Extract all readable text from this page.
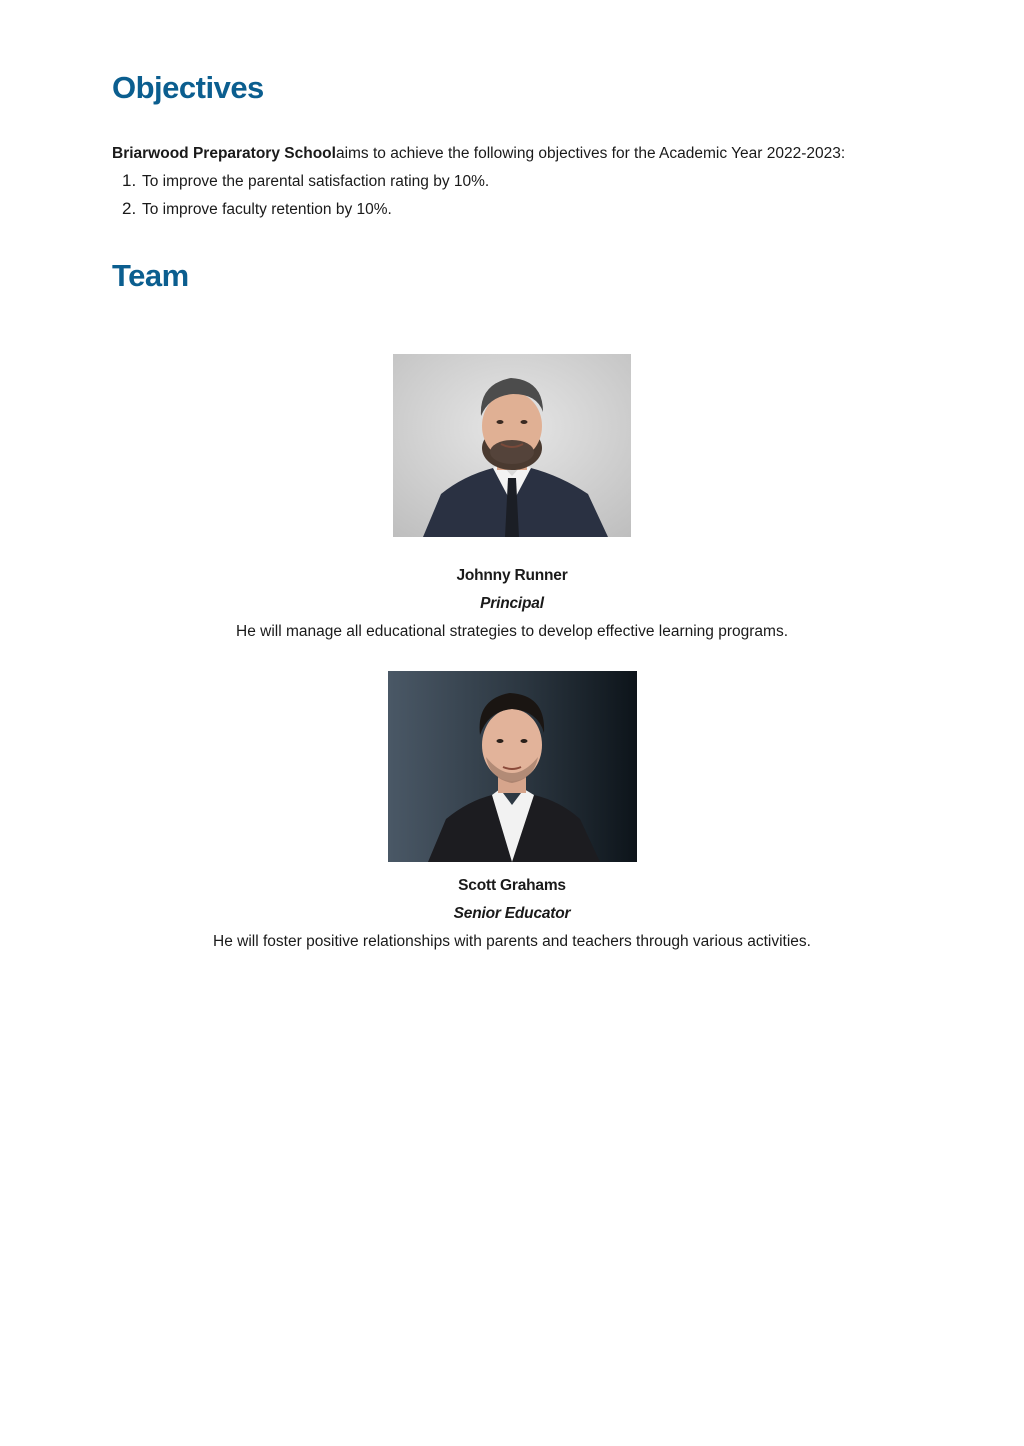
Objectives
Briarwood Preparatory Schoolaims to achieve the following objectives for the Academic Year 2022-2023:
1. To improve the parental satisfaction rating by 10%.
2. To improve faculty retention by 10%.
Team
Johnny Runner
Principal
He will manage all educational strategies to develop effective learning programs.
Scott Grahams
Senior Educator
He will foster positive relationships with parents and teachers through various activities.
